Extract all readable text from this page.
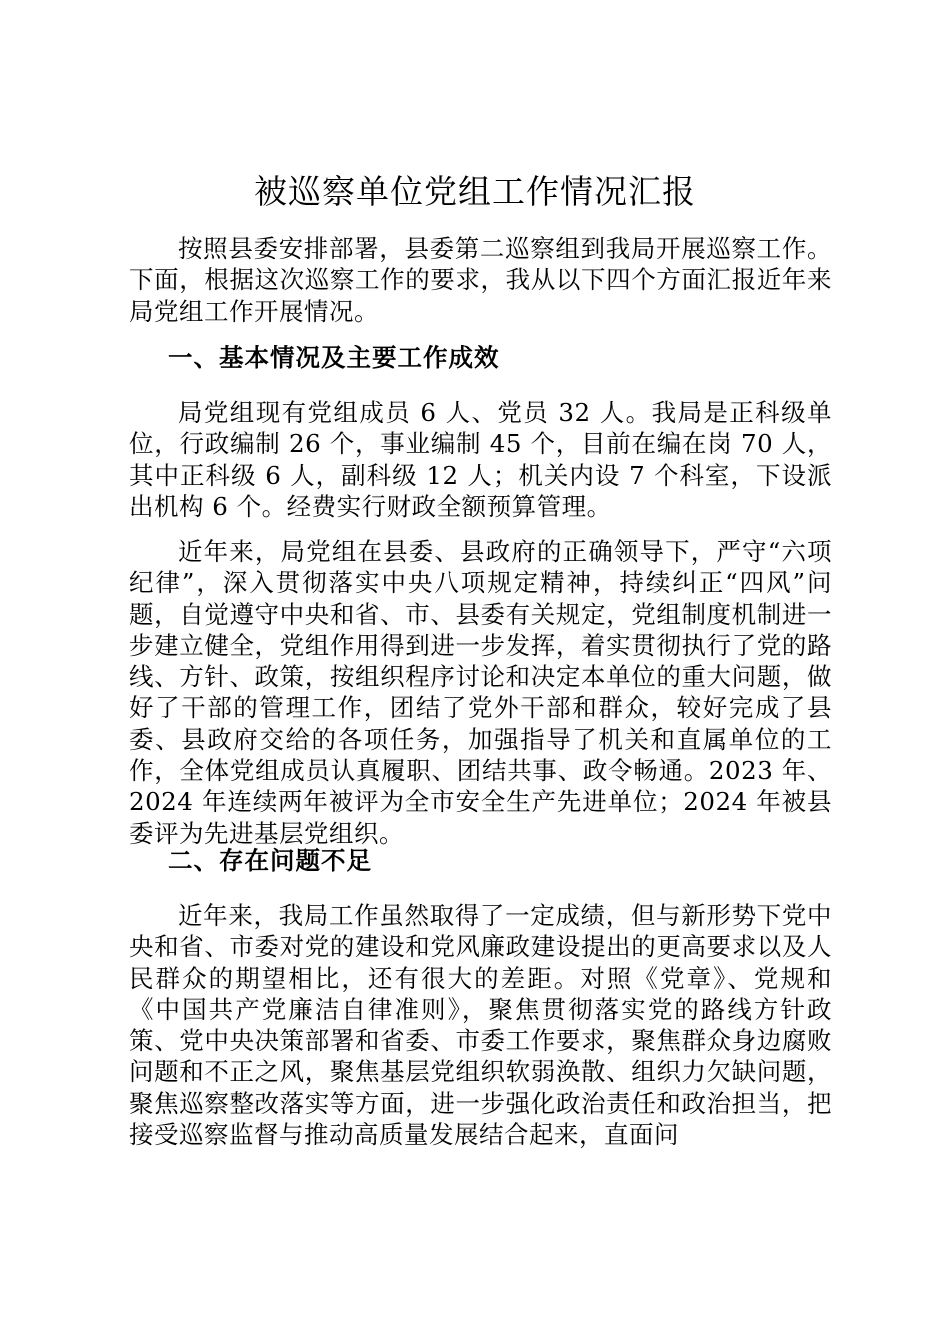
被巡察单位党组工作情况汇报

按照县委安排部署，县委第二巡察组到我局开展巡察工作。下面，根据这次巡察工作的要求，我从以下四个方面汇报近年来局党组工作开展情况。

一、基本情况及主要工作成效

局党组现有党组成员 6 人、党员 32 人。我局是正科级单位，行政编制 26 个，事业编制 45 个，目前在编在岗 70 人，其中正科级 6 人，副科级 12 人；机关内设 7 个科室，下设派出机构 6 个。经费实行财政全额预算管理。

近年来，局党组在县委、县政府的正确领导下，严守“六项纪律”，深入贯彻落实中央八项规定精神，持续纠正“四风”问题，自觉遵守中央和省、市、县委有关规定，党组制度机制进一步建立健全，党组作用得到进一步发挥，着实贯彻执行了党的路线、方针、政策，按组织程序讨论和决定本单位的重大问题，做好了干部的管理工作，团结了党外干部和群众，较好完成了县委、县政府交给的各项任务，加强指导了机关和直属单位的工作，全体党组成员认真履职、团结共事、政令畅通。2023 年、2024 年连续两年被评为全市安全生产先进单位；2024 年被县委评为先进基层党组织。

二、存在问题不足

近年来，我局工作虽然取得了一定成绩，但与新形势下党中央和省、市委对党的建设和党风廉政建设提出的更高要求以及人民群众的期望相比，还有很大的差距。对照《党章》、党规和《中国共产党廉洁自律准则》，聚焦贯彻落实党的路线方针政策、党中央决策部署和省委、市委工作要求，聚焦群众身边腐败问题和不正之风，聚焦基层党组织软弱涣散、组织力欠缺问题，聚焦巡察整改落实等方面，进一步强化政治责任和政治担当，把接受巡察监督与推动高质量发展结合起来，直面问
